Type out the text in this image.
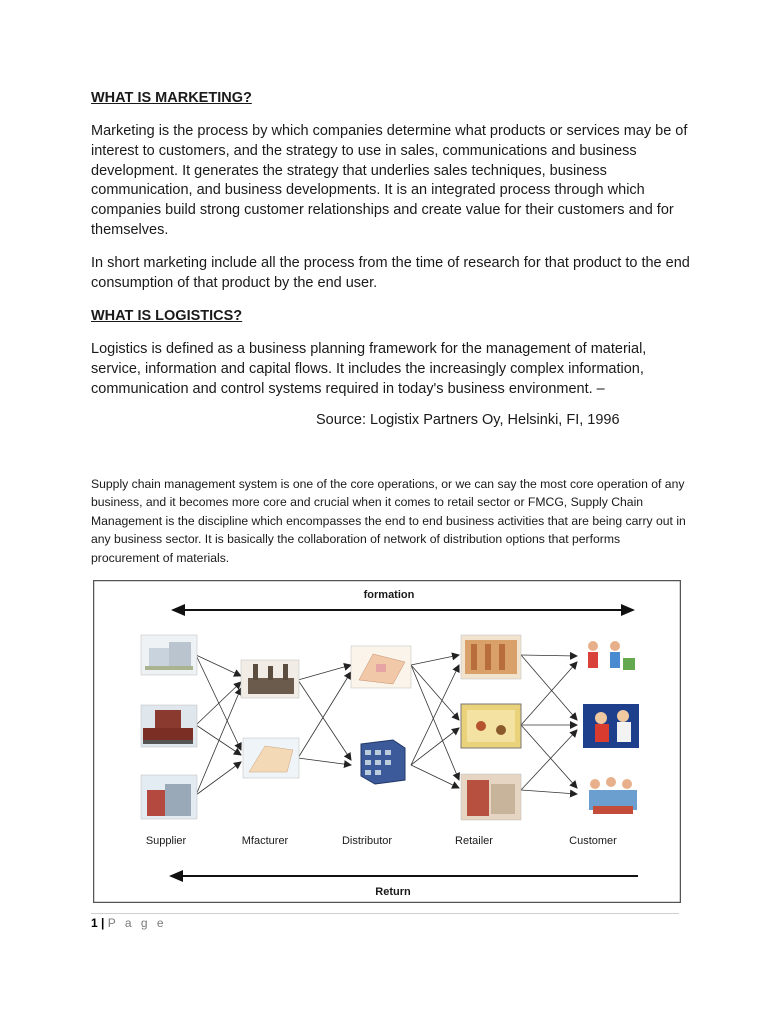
WHAT IS MARKETING?

Marketing is the process by which companies determine what products or services may be of interest to customers, and the strategy to use in sales, communications and business development. It generates the strategy that underlies sales techniques, business communication, and business developments. It is an integrated process through which companies build strong customer relationships and create value for their customers and for themselves.

In short marketing include all the process from the time of research for that product to the end consumption of that product by the end user.

WHAT IS LOGISTICS?

Logistics is defined as a business planning framework for the management of material, service, information and capital flows. It includes the increasingly complex information, communication and control systems required in today's business environment. –

Source: Logistix Partners Oy, Helsinki, FI, 1996

Supply chain management system is one of the core operations, or we can say the most core operation of any business, and it becomes more core and crucial when it comes to retail sector or FMCG, Supply Chain Management is the discipline which encompasses the end to end business activities that are being carry out in any business sector. It is basically the collaboration of network of distribution options that performs procurement of materials.

formation
Supplier	Mfacturer	Distributor	Retailer	Customer
Return
1 | P a g e
